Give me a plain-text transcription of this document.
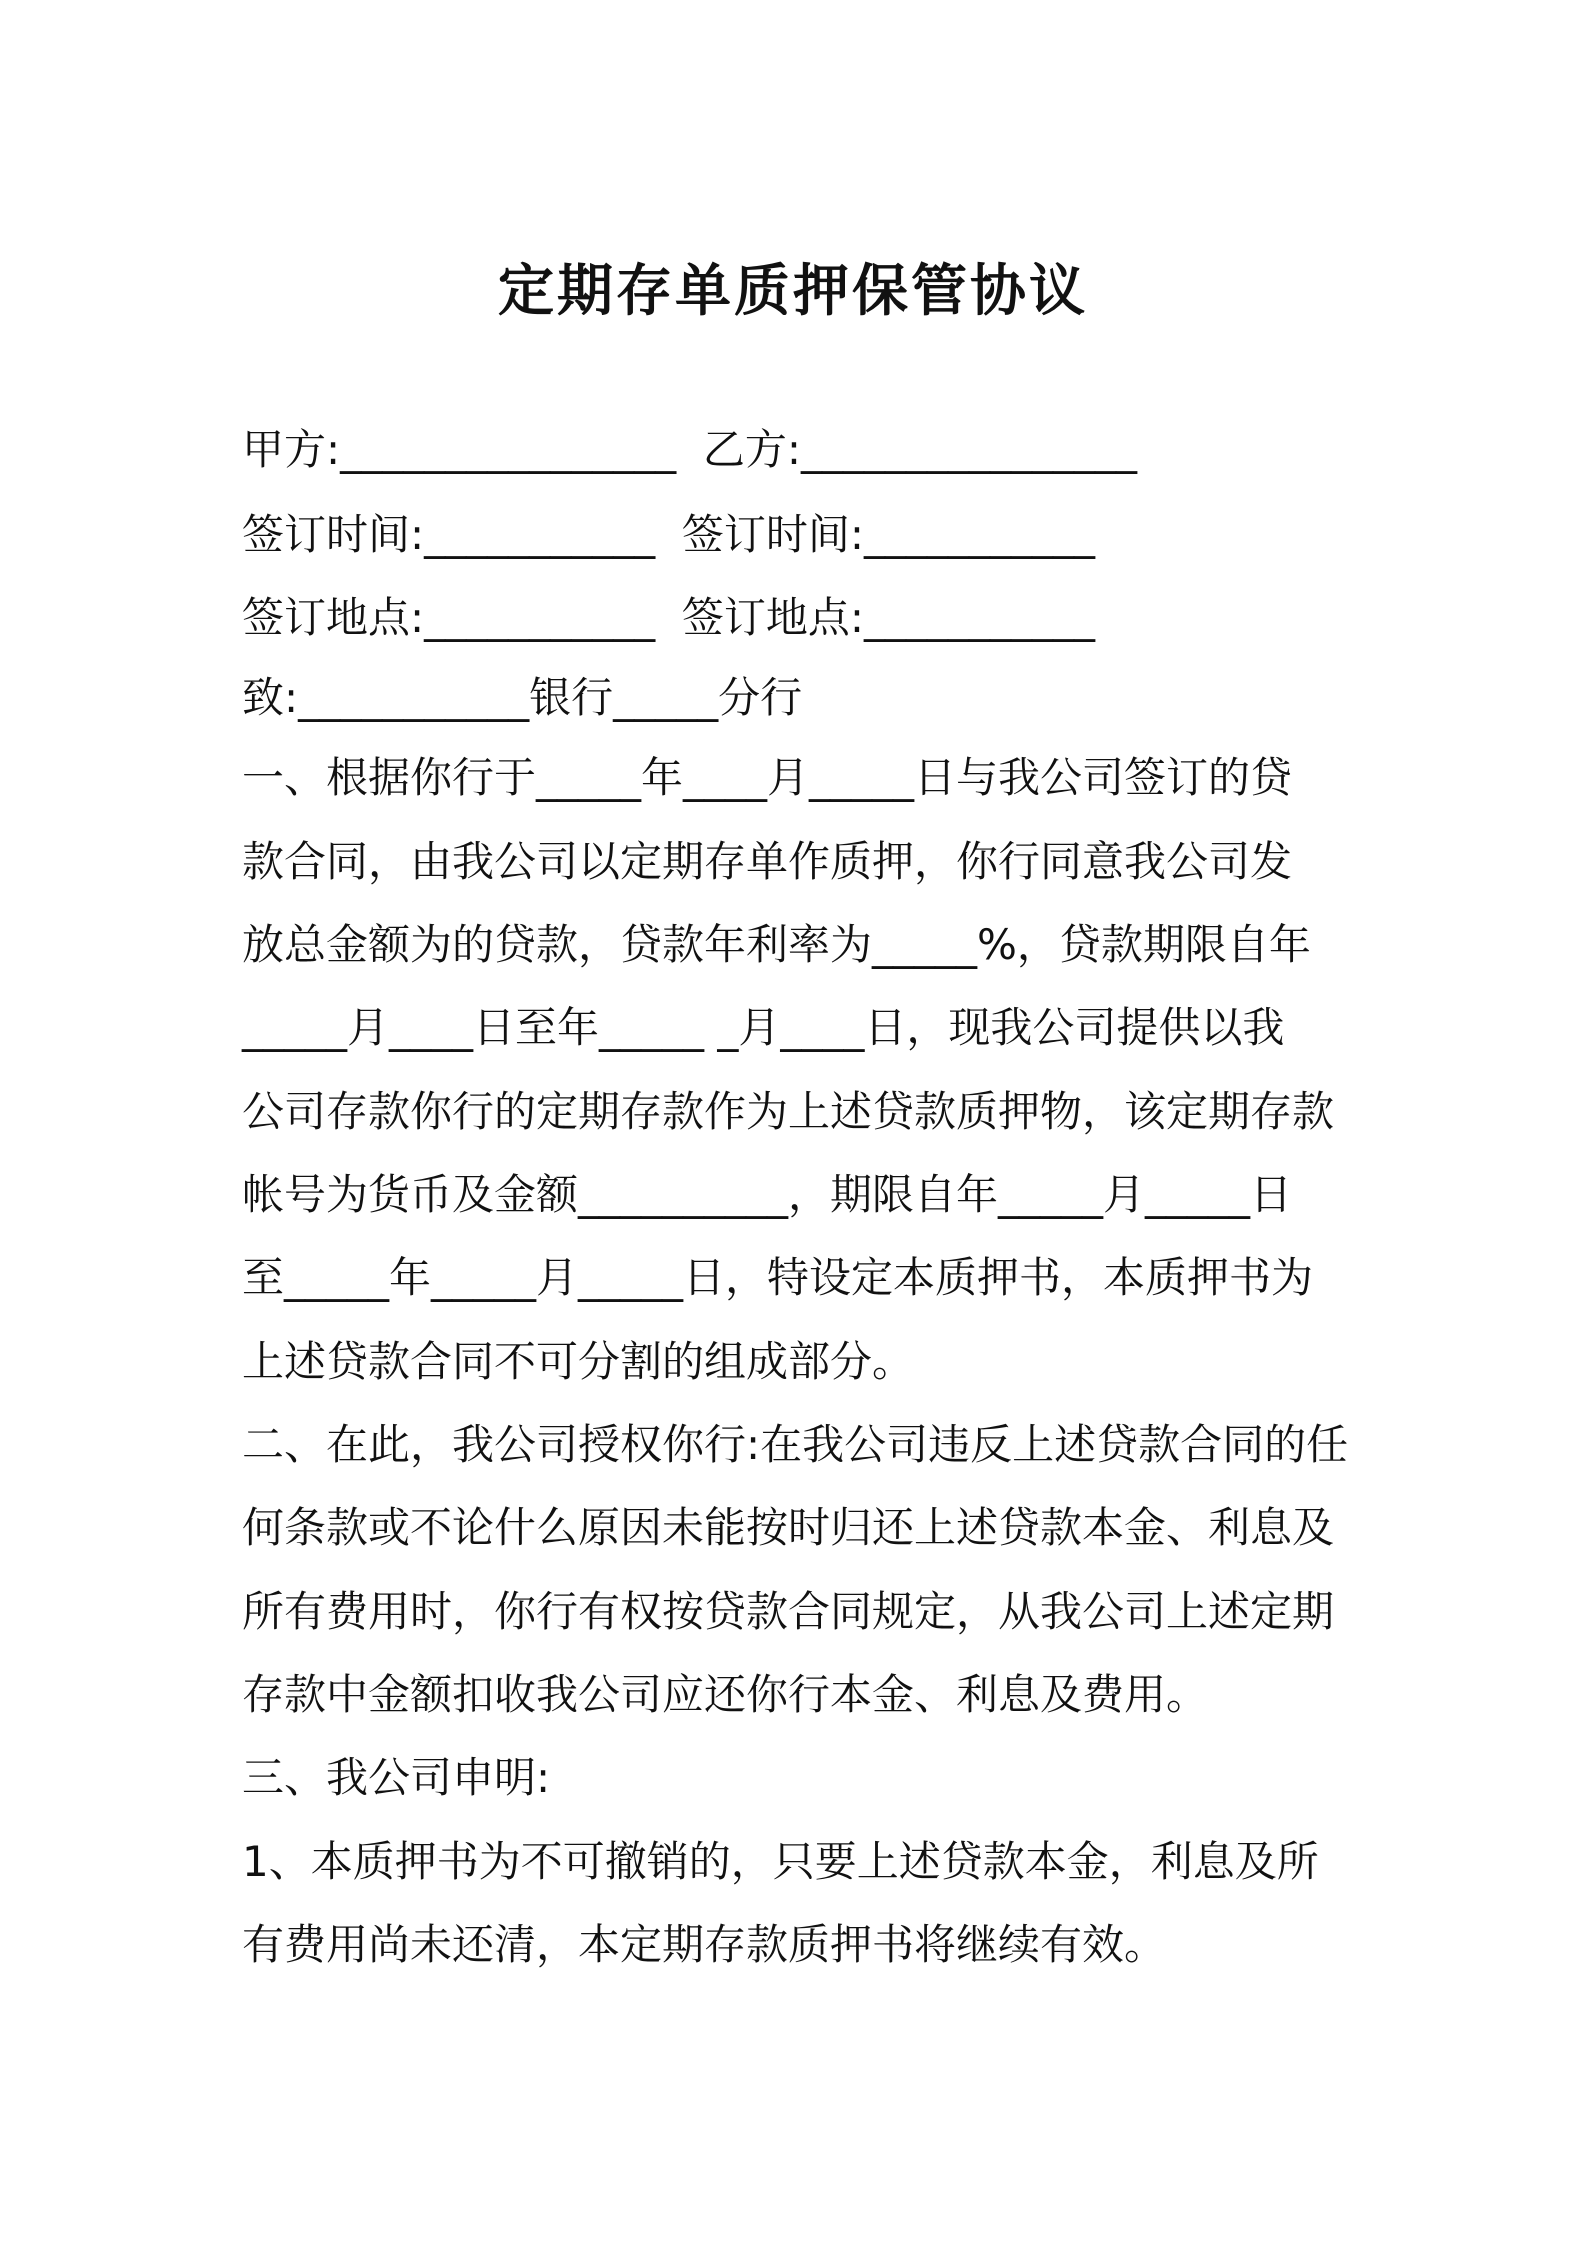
定期存单质押保管协议

甲方:________________  乙方:________________

签订时间:___________  签订时间:___________

签订地点:___________  签订地点:___________

致:___________银行_____分行

一、根据你行于_____年____月_____日与我公司签订的贷

款合同，由我公司以定期存单作质押，你行同意我公司发

放总金额为的贷款，贷款年利率为_____%，贷款期限自年

_____月____日至年_____ _月____日，现我公司提供以我

公司存款你行的定期存款作为上述贷款质押物，该定期存款

帐号为货币及金额__________，期限自年_____月_____日

至_____年_____月_____日，特设定本质押书，本质押书为

上述贷款合同不可分割的组成部分。

二、在此，我公司授权你行:在我公司违反上述贷款合同的任

何条款或不论什么原因未能按时归还上述贷款本金、利息及

所有费用时，你行有权按贷款合同规定，从我公司上述定期

存款中金额扣收我公司应还你行本金、利息及费用。

三、我公司申明:

1、本质押书为不可撤销的，只要上述贷款本金，利息及所

有费用尚未还清，本定期存款质押书将继续有效。
